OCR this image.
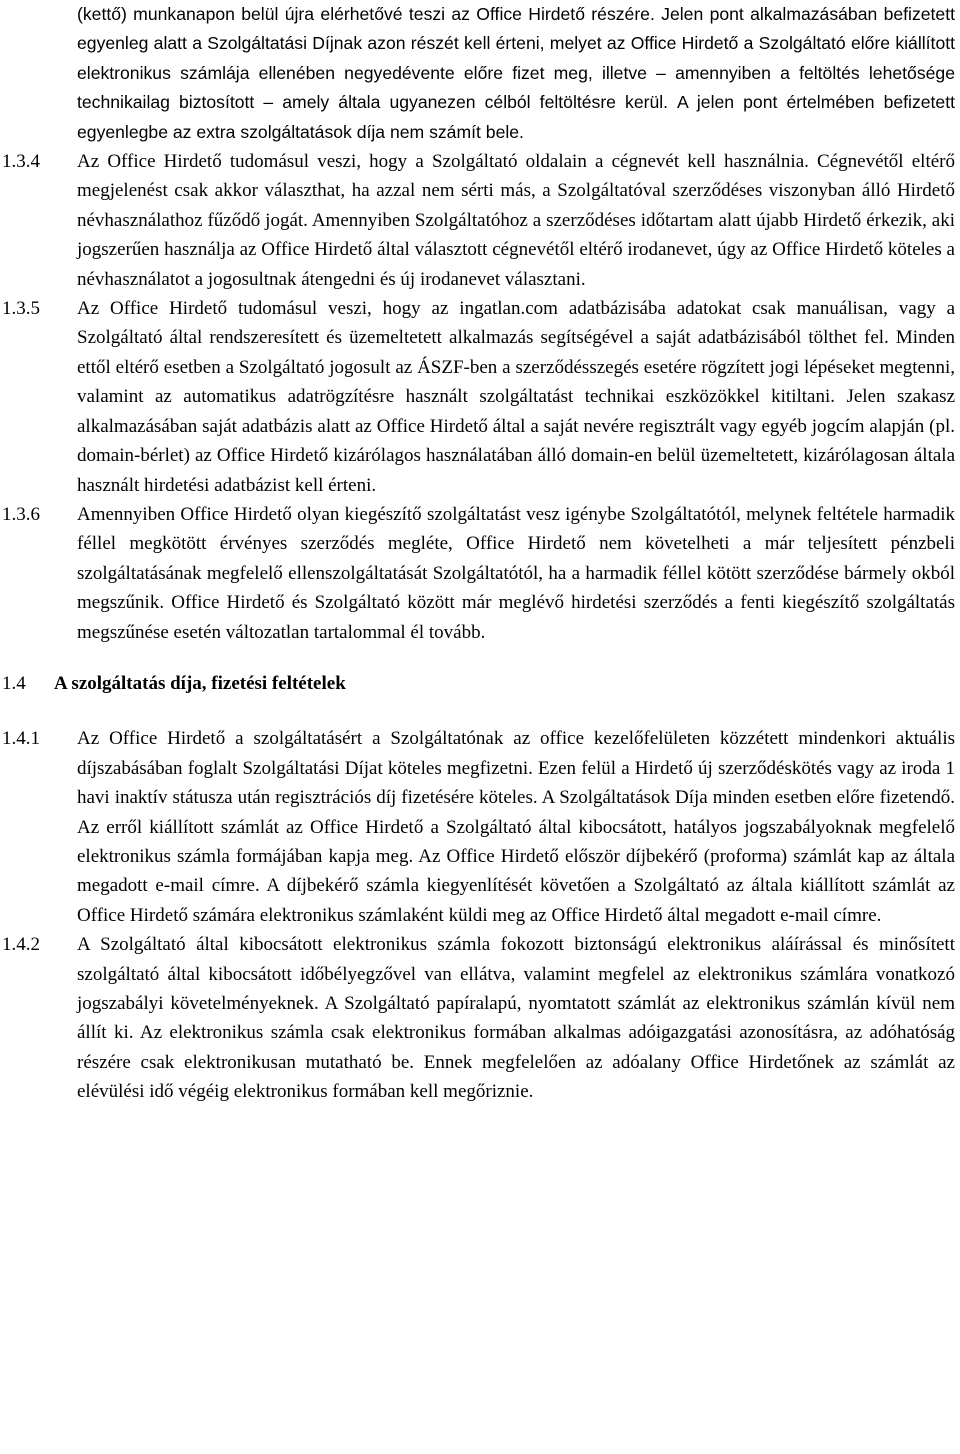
(kettő) munkanapon belül újra elérhetővé teszi az Office Hirdető részére. Jelen pont alkalmazásában befizetett egyenleg alatt a Szolgáltatási Díjnak azon részét kell érteni, melyet az Office Hirdető a Szolgáltató előre kiállított elektronikus számlája ellenében negyedévente előre fizet meg, illetve – amennyiben a feltöltés lehetősége technikailag biztosított – amely általa ugyanezen célból feltöltésre kerül. A jelen pont értelmében befizetett egyenlegbe az extra szolgáltatások díja nem számít bele.

1.3.4 Az Office Hirdető tudomásul veszi, hogy a Szolgáltató oldalain a cégnevét kell használnia. Cégnevétől eltérő megjelenést csak akkor választhat, ha azzal nem sérti más, a Szolgáltatóval szerződéses viszonyban álló Hirdető névhasználathoz fűződő jogát. Amennyiben Szolgáltatóhoz a szerződéses időtartam alatt újabb Hirdető érkezik, aki jogszerűen használja az Office Hirdető által választott cégnevétől eltérő irodanevet, úgy az Office Hirdető köteles a névhasználatot a jogosultnak átengedni és új irodanevet választani.

1.3.5 Az Office Hirdető tudomásul veszi, hogy az ingatlan.com adatbázisába adatokat csak manuálisan, vagy a Szolgáltató által rendszeresített és üzemeltetett alkalmazás segítségével a saját adatbázisából tölthet fel. Minden ettől eltérő esetben a Szolgáltató jogosult az ÁSZF-ben a szerződésszegés esetére rögzített jogi lépéseket megtenni, valamint az automatikus adatrögzítésre használt szolgáltatást technikai eszközökkel kitiltani. Jelen szakasz alkalmazásában saját adatbázis alatt az Office Hirdető által a saját nevére regisztrált vagy egyéb jogcím alapján (pl. domain-bérlet) az Office Hirdető kizárólagos használatában álló domain-en belül üzemeltetett, kizárólagosan általa használt hirdetési adatbázist kell érteni.

1.3.6 Amennyiben Office Hirdető olyan kiegészítő szolgáltatást vesz igénybe Szolgáltatótól, melynek feltétele harmadik féllel megkötött érvényes szerződés megléte, Office Hirdető nem követelheti a már teljesített pénzbeli szolgáltatásának megfelelő ellenszolgáltatását Szolgáltatótól, ha a harmadik féllel kötött szerződése bármely okból megszűnik. Office Hirdető és Szolgáltató között már meglévő hirdetési szerződés a fenti kiegészítő szolgáltatás megszűnése esetén változatlan tartalommal él tovább.

1.4 A szolgáltatás díja, fizetési feltételek

1.4.1 Az Office Hirdető a szolgáltatásért a Szolgáltatónak az office kezelőfelületen közzétett mindenkori aktuális díjszabásában foglalt Szolgáltatási Díjat köteles megfizetni. Ezen felül a Hirdető új szerződéskötés vagy az iroda 1 havi inaktív státusza után regisztrációs díj fizetésére köteles. A Szolgáltatások Díja minden esetben előre fizetendő. Az erről kiállított számlát az Office Hirdető a Szolgáltató által kibocsátott, hatályos jogszabályoknak megfelelő elektronikus számla formájában kapja meg. Az Office Hirdető először díjbekérő (proforma) számlát kap az általa megadott e-mail címre. A díjbekérő számla kiegyenlítését követően a Szolgáltató az általa kiállított számlát az Office Hirdető számára elektronikus számlaként küldi meg az Office Hirdető által megadott e-mail címre.

1.4.2 A Szolgáltató által kibocsátott elektronikus számla fokozott biztonságú elektronikus aláírással és minősített szolgáltató által kibocsátott időbélyegzővel van ellátva, valamint megfelel az elektronikus számlára vonatkozó jogszabályi követelményeknek. A Szolgáltató papíralapú, nyomtatott számlát az elektronikus számlán kívül nem állít ki. Az elektronikus számla csak elektronikus formában alkalmas adóigazgatási azonosításra, az adóhatóság részére csak elektronikusan mutatható be. Ennek megfelelően az adóalany Office Hirdetőnek az számlát az elévülési idő végéig elektronikus formában kell megőriznie.
